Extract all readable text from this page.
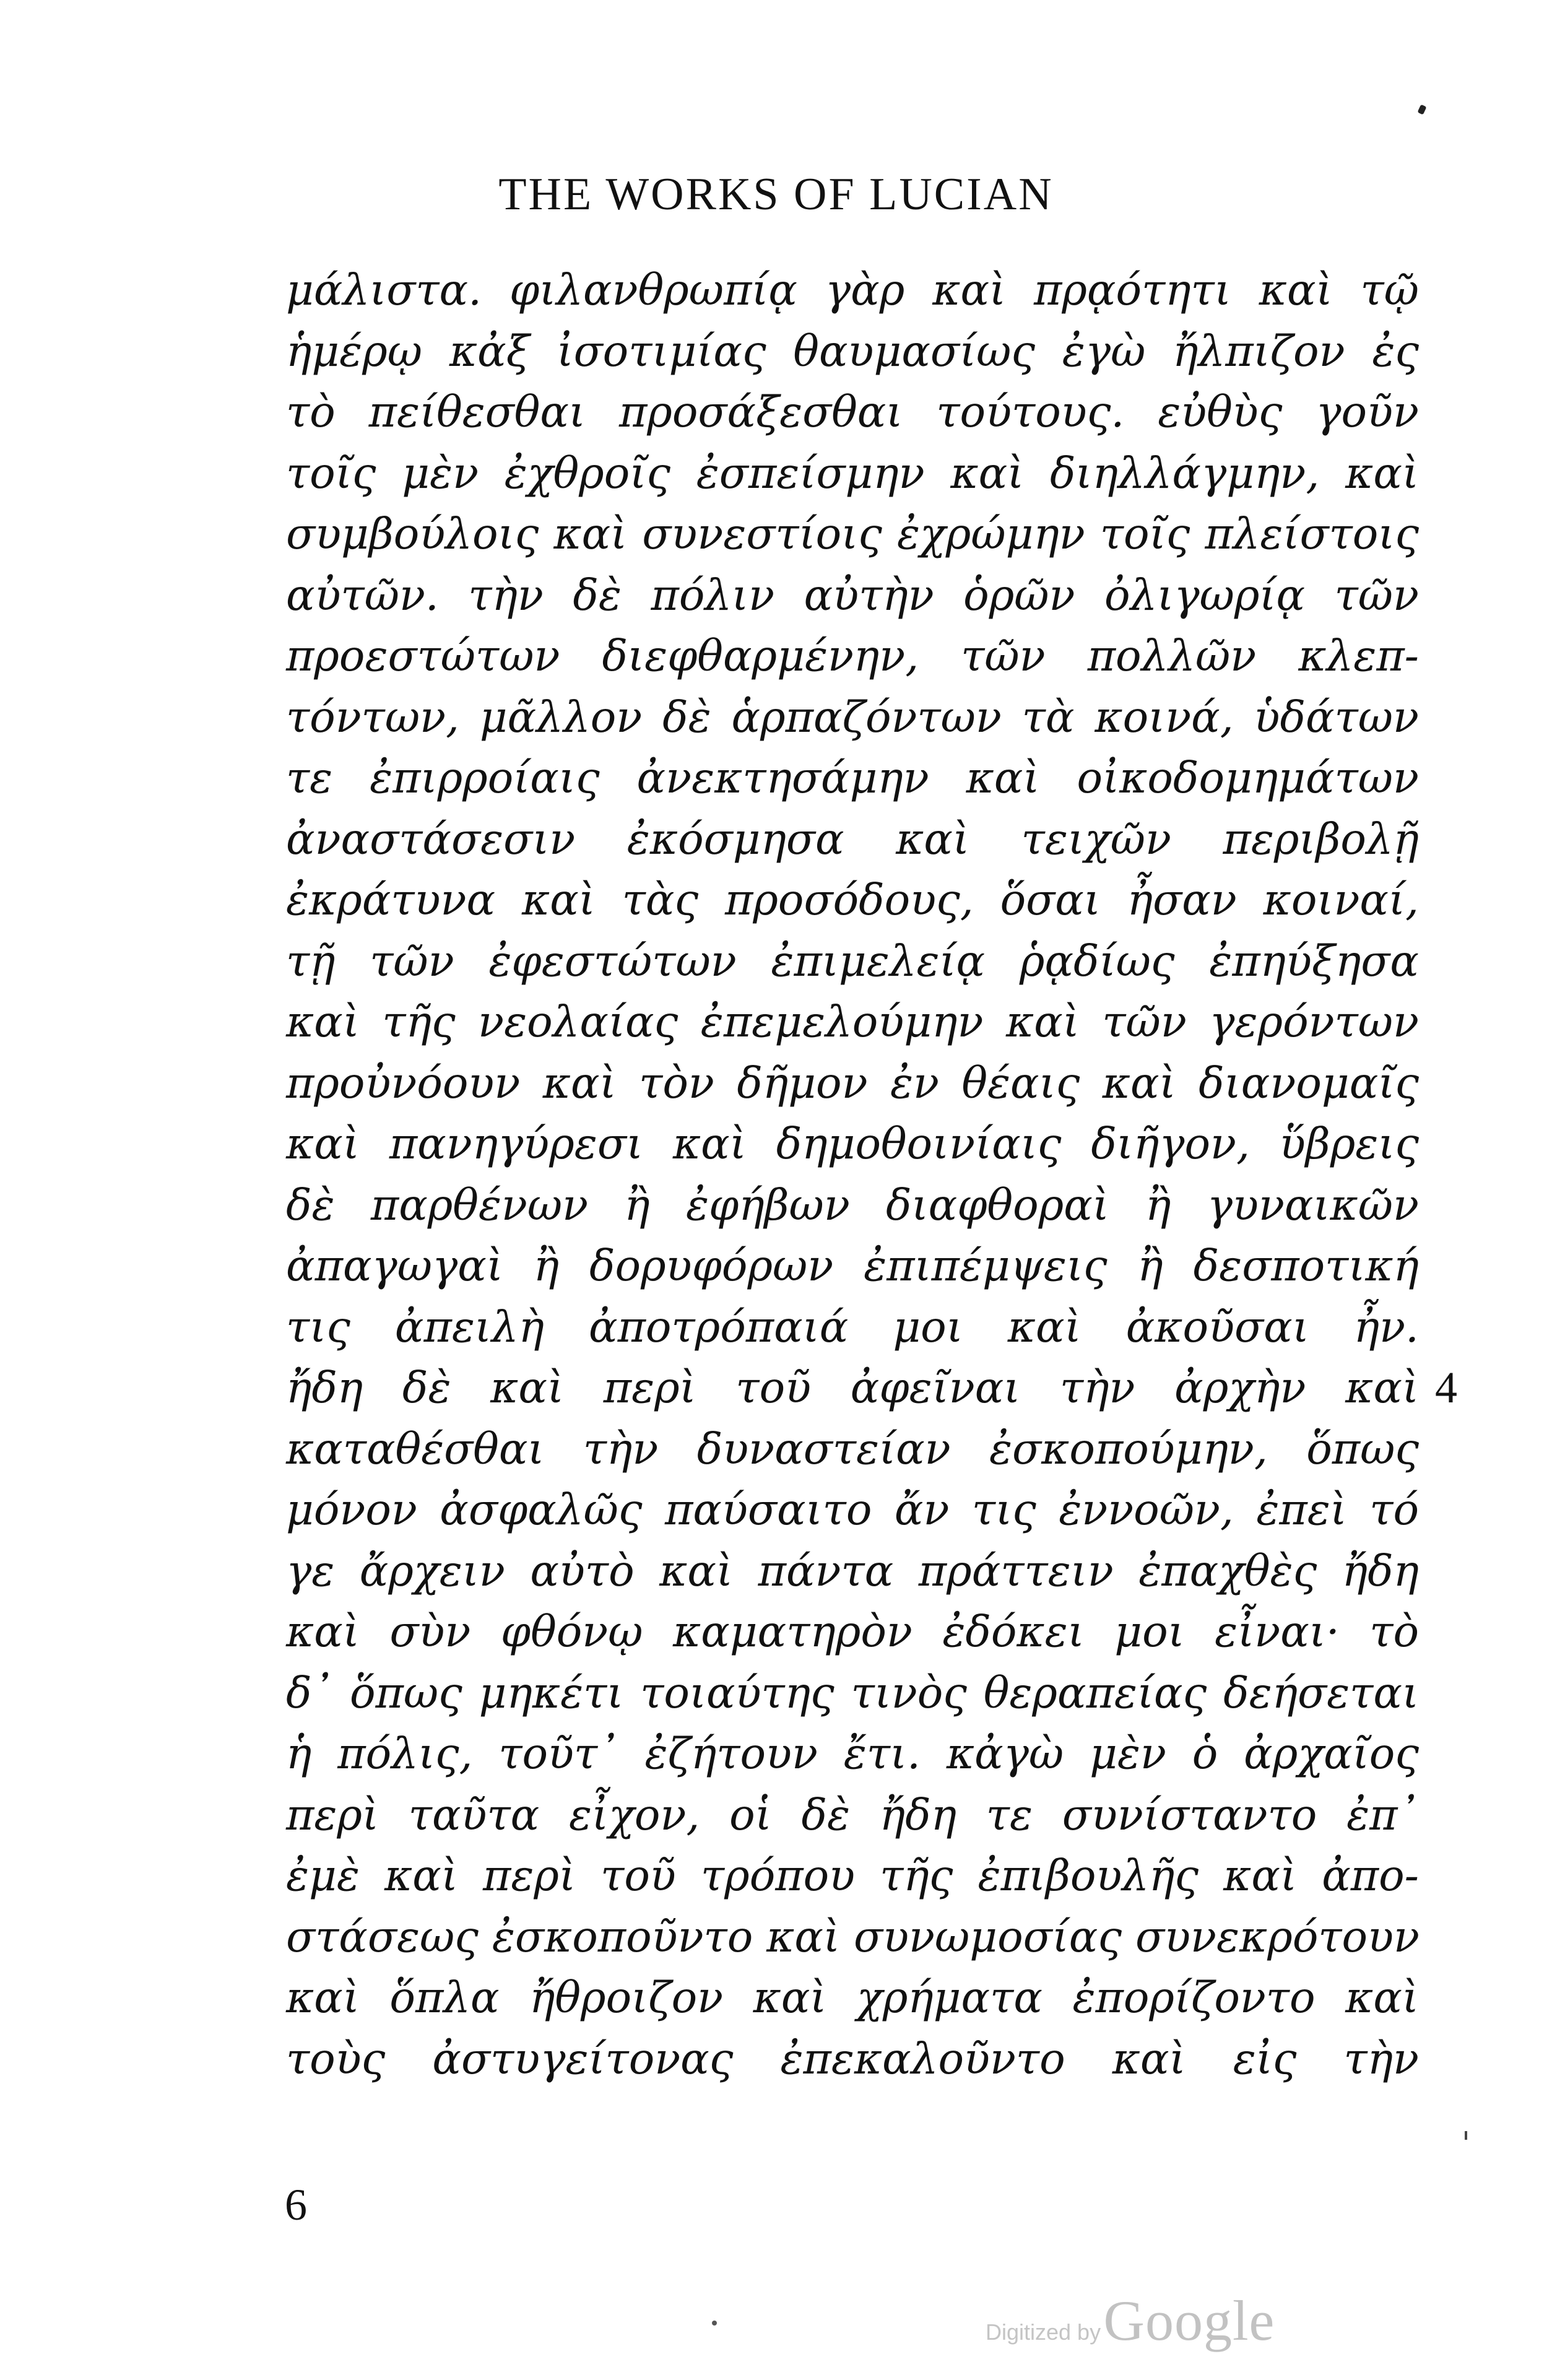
THE WORKS OF LUCIAN
μάλιστα. φιλανθρωπίᾳ γὰρ καὶ πρᾳότητι καὶ τῷ
ἡμέρῳ κἀξ ἰσοτιμίας θαυμασίως ἐγὼ ἤλπιζον ἐς
τὸ πείθεσθαι προσάξεσθαι τούτους. εὐθὺς γοῦν
τοῖς μὲν ἐχθροῖς ἐσπείσμην καὶ διηλλάγμην, καὶ
συμβούλοις καὶ συνεστίοις ἐχρώμην τοῖς πλείστοις
αὐτῶν. τὴν δὲ πόλιν αὐτὴν ὁρῶν ὀλιγωρίᾳ τῶν
προεστώτων διεφθαρμένην, τῶν πολλῶν κλεπ-
τόντων, μᾶλλον δὲ ἁρπαζόντων τὰ κοινά, ὑδάτων
τε ἐπιρροίαις ἀνεκτησάμην καὶ οἰκοδομημάτων
ἀναστάσεσιν ἐκόσμησα καὶ τειχῶν περιβολῇ
ἐκράτυνα καὶ τὰς προσόδους, ὅσαι ἦσαν κοιναί,
τῇ τῶν ἐφεστώτων ἐπιμελείᾳ ῥᾳδίως ἐπηύξησα
καὶ τῆς νεολαίας ἐπεμελούμην καὶ τῶν γερόντων
προὐνόουν καὶ τὸν δῆμον ἐν θέαις καὶ διανομαῖς
καὶ πανηγύρεσι καὶ δημοθοινίαις διῆγον, ὕβρεις
δὲ παρθένων ἢ ἐφήβων διαφθοραὶ ἢ γυναικῶν
ἀπαγωγαὶ ἢ δορυφόρων ἐπιπέμψεις ἢ δεσποτική
τις ἀπειλὴ ἀποτρόπαιά μοι καὶ ἀκοῦσαι ἦν.
ἤδη δὲ καὶ περὶ τοῦ ἀφεῖναι τὴν ἀρχὴν καὶ
καταθέσθαι τὴν δυναστείαν ἐσκοπούμην, ὅπως
μόνον ἀσφαλῶς παύσαιτο ἄν τις ἐννοῶν, ἐπεὶ τό
γε ἄρχειν αὐτὸ καὶ πάντα πράττειν ἐπαχθὲς ἤδη
καὶ σὺν φθόνῳ καματηρὸν ἐδόκει μοι εἶναι· τὸ
δ᾽ ὅπως μηκέτι τοιαύτης τινὸς θεραπείας δεήσεται
ἡ πόλις, τοῦτ᾽ ἐζήτουν ἔτι. κἀγὼ μὲν ὁ ἀρχαῖος
περὶ ταῦτα εἶχον, οἱ δὲ ἤδη τε συνίσταντο ἐπ᾽
ἐμὲ καὶ περὶ τοῦ τρόπου τῆς ἐπιβουλῆς καὶ ἀπο-
στάσεως ἐσκοποῦντο καὶ συνωμοσίας συνεκρότουν
καὶ ὅπλα ἤθροιζον καὶ χρήματα ἐπορίζοντο καὶ
τοὺς ἀστυγείτονας ἐπεκαλοῦντο καὶ εἰς τὴν
4
6
Digitized by Google
